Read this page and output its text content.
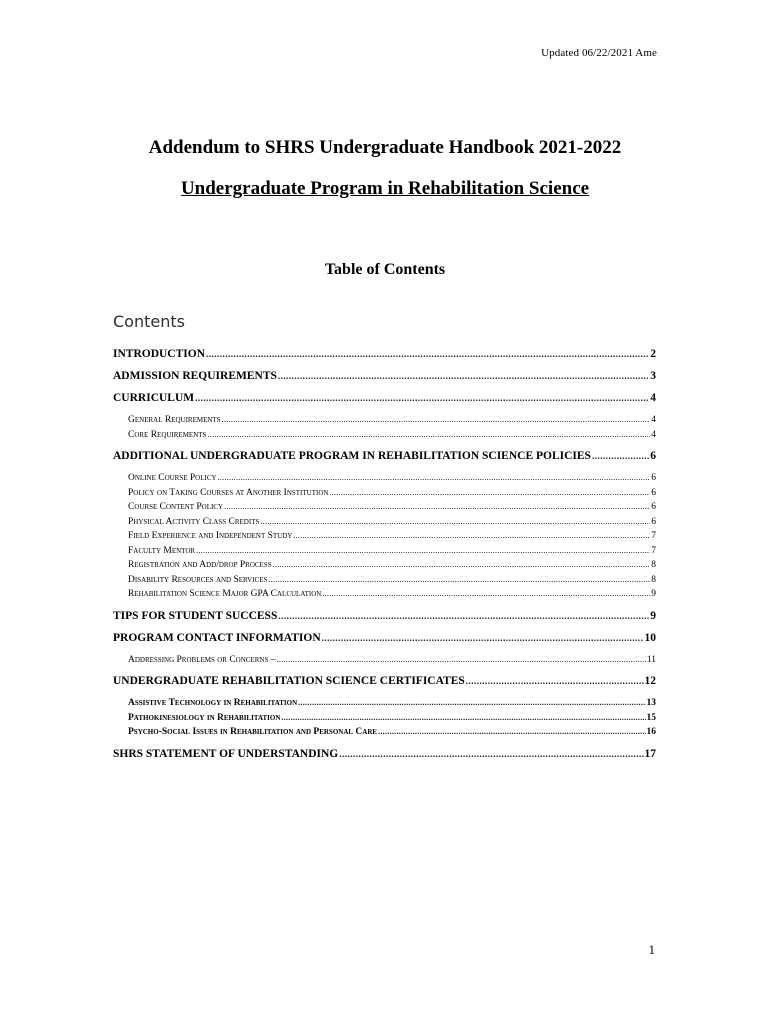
Updated 06/22/2021 Ame
Addendum to SHRS Undergraduate Handbook 2021-2022
Undergraduate Program in Rehabilitation Science
Table of Contents
Contents
INTRODUCTION .....	2
ADMISSION REQUIREMENTS .....	3
CURRICULUM .....	4
General Requirements .....	4
Core Requirements .....	4
ADDITIONAL UNDERGRADUATE PROGRAM IN REHABILITATION SCIENCE POLICIES .....	6
Online Course Policy .....	6
Policy on Taking Courses at Another Institution .....	6
Course Content Policy .....	6
Physical Activity Class Credits .....	6
Field Experience and Independent Study .....	7
Faculty Mentor .....	7
Registration and Add/drop Process .....	8
Disability Resources and Services .....	8
Rehabilitation Science Major GPA Calculation .....	9
TIPS FOR STUDENT SUCCESS .....	9
PROGRAM CONTACT INFORMATION .....	10
Addressing Problems or Concerns – .....	11
UNDERGRADUATE REHABILITATION SCIENCE CERTIFICATES .....	12
Assistive Technology in Rehabilitation .....	13
Pathokinesiology in Rehabilitation .....	15
Psycho-Social Issues in Rehabilitation and Personal Care .....	16
SHRS STATEMENT OF UNDERSTANDING .....	17
1
